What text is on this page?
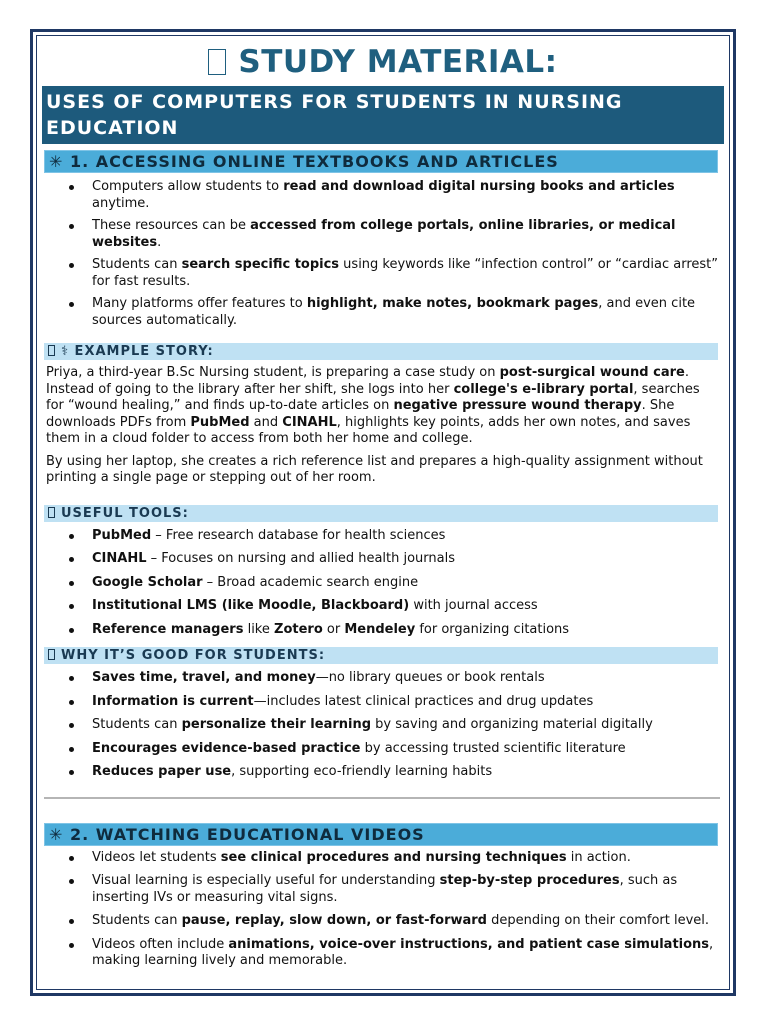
STUDY MATERIAL:
USES OF COMPUTERS FOR STUDENTS IN NURSING EDUCATION
✳ 1. ACCESSING ONLINE TEXTBOOKS AND ARTICLES
Computers allow students to read and download digital nursing books and articles anytime.
These resources can be accessed from college portals, online libraries, or medical websites.
Students can search specific topics using keywords like “infection control” or “cardiac arrest” for fast results.
Many platforms offer features to highlight, make notes, bookmark pages, and even cite sources automatically.
⚕ EXAMPLE STORY:

Priya, a third-year B.Sc Nursing student, is preparing a case study on post-surgical wound care. Instead of going to the library after her shift, she logs into her college's e-library portal, searches for “wound healing,” and finds up-to-date articles on negative pressure wound therapy. She downloads PDFs from PubMed and CINAHL, highlights key points, adds her own notes, and saves them in a cloud folder to access from both her home and college.

By using her laptop, she creates a rich reference list and prepares a high-quality assignment without printing a single page or stepping out of her room.

USEFUL TOOLS:
PubMed – Free research database for health sciences
CINAHL – Focuses on nursing and allied health journals
Google Scholar – Broad academic search engine
Institutional LMS (like Moodle, Blackboard) with journal access
Reference managers like Zotero or Mendeley for organizing citations
WHY IT’S GOOD FOR STUDENTS:
Saves time, travel, and money—no library queues or book rentals
Information is current—includes latest clinical practices and drug updates
Students can personalize their learning by saving and organizing material digitally
Encourages evidence-based practice by accessing trusted scientific literature
Reduces paper use, supporting eco-friendly learning habits
✳ 2. WATCHING EDUCATIONAL VIDEOS
Videos let students see clinical procedures and nursing techniques in action.
Visual learning is especially useful for understanding step-by-step procedures, such as inserting IVs or measuring vital signs.
Students can pause, replay, slow down, or fast-forward depending on their comfort level.
Videos often include animations, voice-over instructions, and patient case simulations, making learning lively and memorable.
